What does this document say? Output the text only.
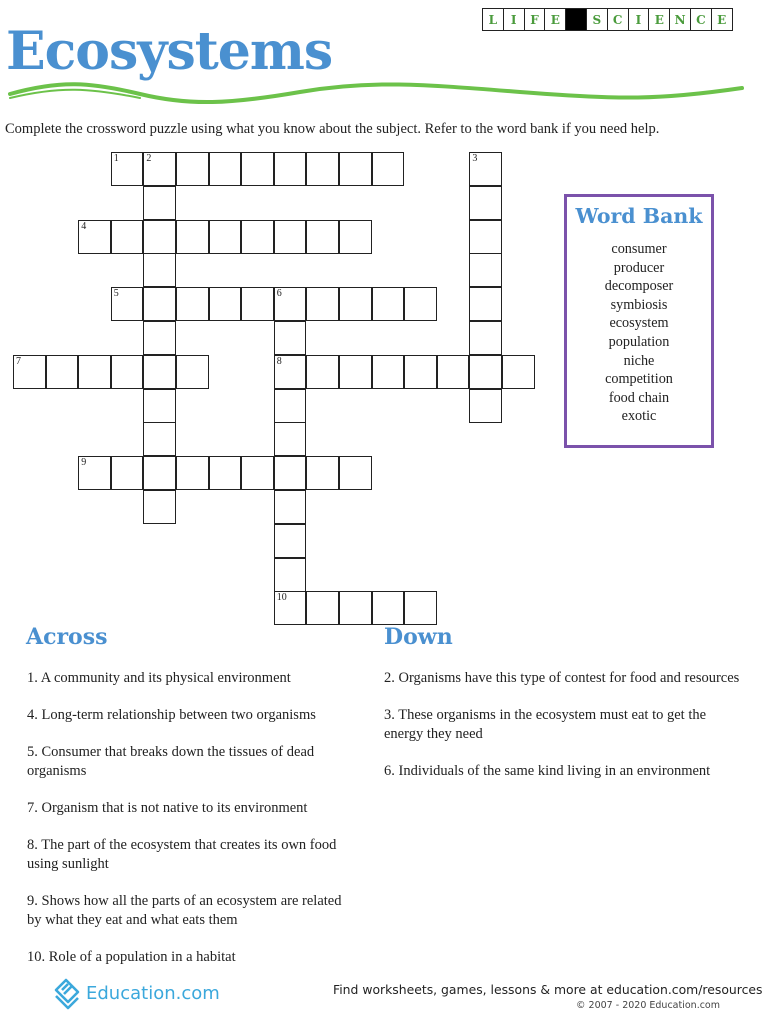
L	I	F E	S C	I	E N C E
Ecosystems

Complete the crossword puzzle using what you know about the subject. Refer to the word bank if you need help.

1	2	3
4
5	6
8
10
7
9
Word Bank
consumer
producer
decomposer
symbiosis
ecosystem
population
niche
competition
food chain
exotic
Across
1. A community and its physical environment
4. Long-term relationship between two organisms
5. Consumer that breaks down the tissues of dead organisms
7. Organism that is not native to its environment
8. The part of the ecosystem that creates its own food using sunlight
9. Shows how all the parts of an ecosystem are related by what they eat and what eats them
10. Role of a population in a habitat
Down
2. Organisms have this type of contest for food and resources
3. These organisms in the ecosystem must eat to get the energy they need
6. Individuals of the same kind living in an environment
Education.com	Find worksheets, games, lessons & more at education.com/resources
© 2007 - 2020 Education.com
